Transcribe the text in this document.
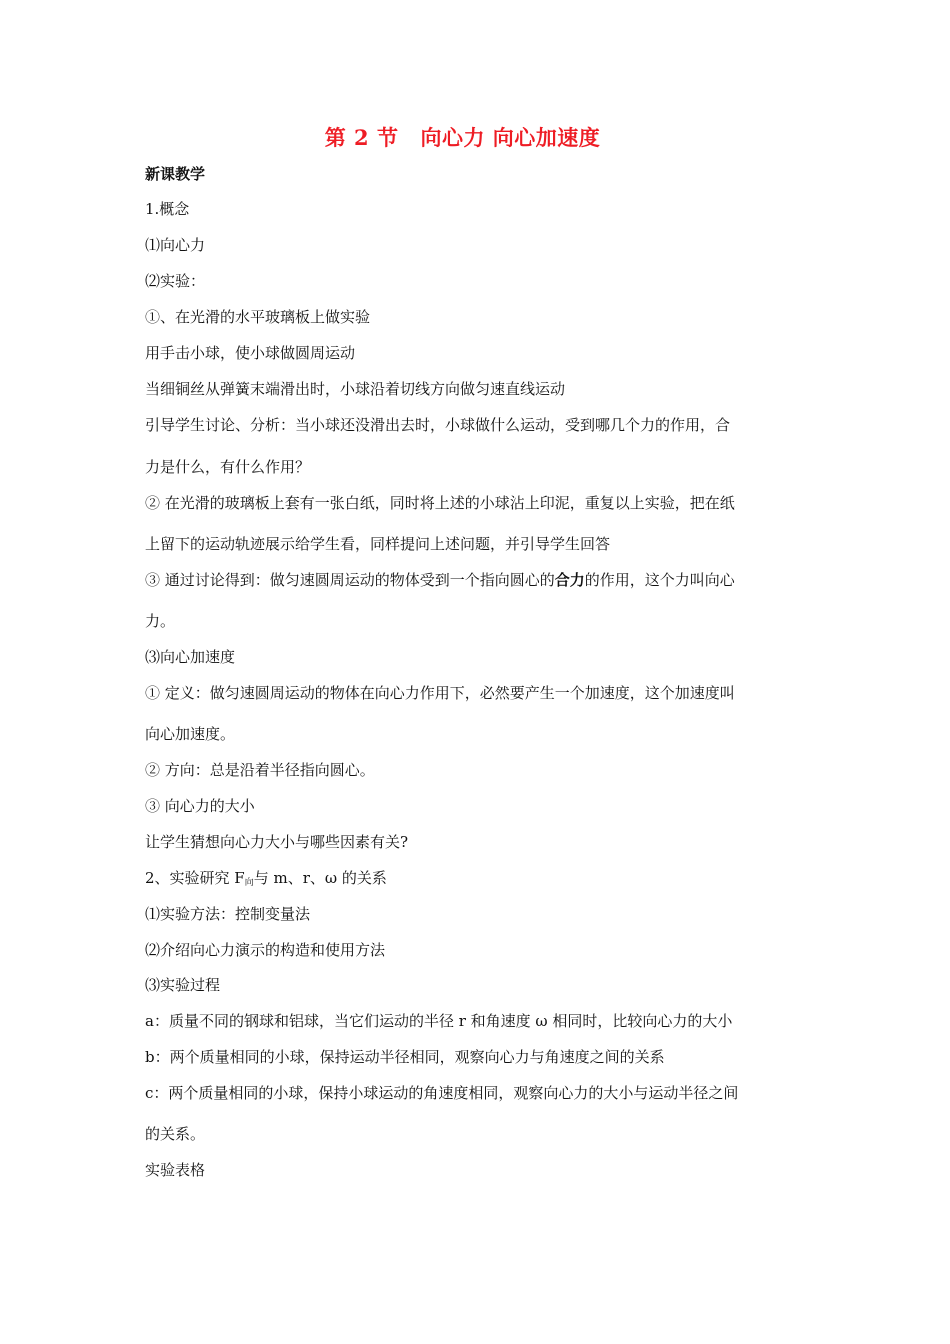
第 2 节 向心力 向心加速度
新课教学
1.概念
⑴向心力
⑵实验：
①、在光滑的水平玻璃板上做实验
用手击小球，使小球做圆周运动
当细铜丝从弹簧末端滑出时，小球沿着切线方向做匀速直线运动
引导学生讨论、分析：当小球还没滑出去时，小球做什么运动，受到哪几个力的作用，合
力是什么，有什么作用？
② 在光滑的玻璃板上套有一张白纸，同时将上述的小球沾上印泥，重复以上实验，把在纸
上留下的运动轨迹展示给学生看，同样提问上述问题，并引导学生回答
③ 通过讨论得到：做匀速圆周运动的物体受到一个指向圆心的合力的作用，这个力叫向心
力。
⑶向心加速度
① 定义：做匀速圆周运动的物体在向心力作用下，必然要产生一个加速度，这个加速度叫
向心加速度。
② 方向：总是沿着半径指向圆心。
③ 向心力的大小
让学生猜想向心力大小与哪些因素有关?
2、实验研究 $F_向$与 m、r、ω 的关系
⑴实验方法：控制变量法
⑵介绍向心力演示的构造和使用方法
⑶实验过程
a：质量不同的钢球和铝球，当它们运动的半径 r 和角速度 ω 相同时，比较向心力的大小
b：两个质量相同的小球，保持运动半径相同，观察向心力与角速度之间的关系
c：两个质量相同的小球，保持小球运动的角速度相同，观察向心力的大小与运动半径之间
的关系。
实验表格
